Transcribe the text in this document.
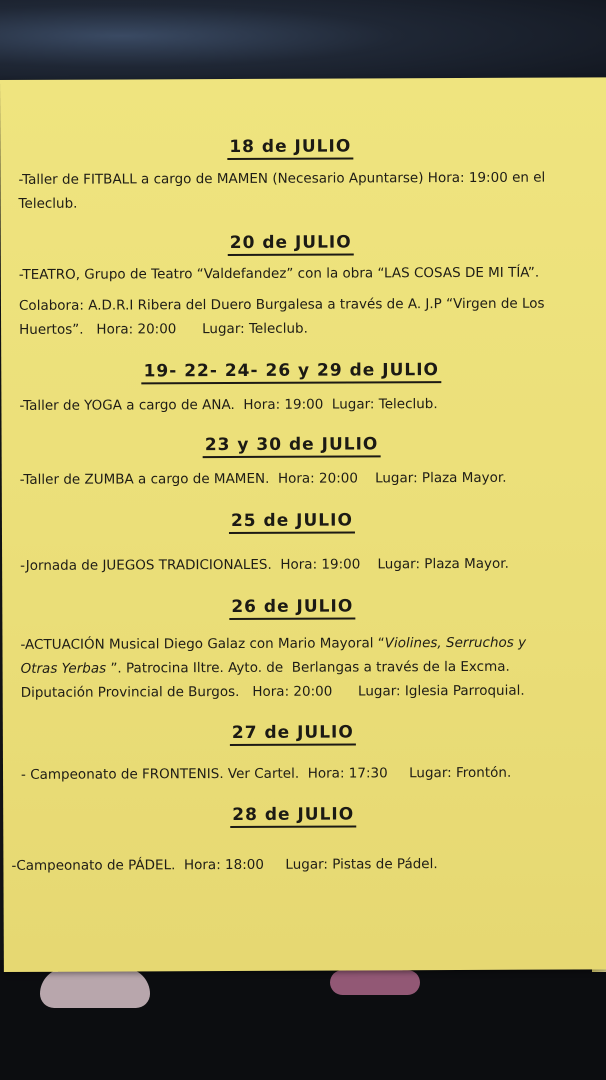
18 de JULIO
-Taller de FITBALL a cargo de MAMEN (Necesario Apuntarse) Hora: 19:00 en el
Teleclub.
20 de JULIO
-TEATRO, Grupo de Teatro “Valdefandez” con la obra “LAS COSAS DE MI TÍA”.
Colabora: A.D.R.I Ribera del Duero Burgalesa a través de A. J.P “Virgen de Los
Huertos”.   Hora: 20:00      Lugar: Teleclub.
19- 22- 24- 26 y 29 de JULIO
-Taller de YOGA a cargo de ANA.  Hora: 19:00  Lugar: Teleclub.
23 y 30 de JULIO
-Taller de ZUMBA a cargo de MAMEN.  Hora: 20:00    Lugar: Plaza Mayor.
25 de JULIO
-Jornada de JUEGOS TRADICIONALES.  Hora: 19:00    Lugar: Plaza Mayor.
26 de JULIO
-ACTUACIÓN Musical Diego Galaz con Mario Mayoral “Violines, Serruchos y
Otras Yerbas ”. Patrocina Iltre. Ayto. de  Berlangas a través de la Excma.
Diputación Provincial de Burgos.   Hora: 20:00      Lugar: Iglesia Parroquial.
27 de JULIO
- Campeonato de FRONTENIS. Ver Cartel.  Hora: 17:30     Lugar: Frontón.
28 de JULIO
-Campeonato de PÁDEL.  Hora: 18:00     Lugar: Pistas de Pádel.
